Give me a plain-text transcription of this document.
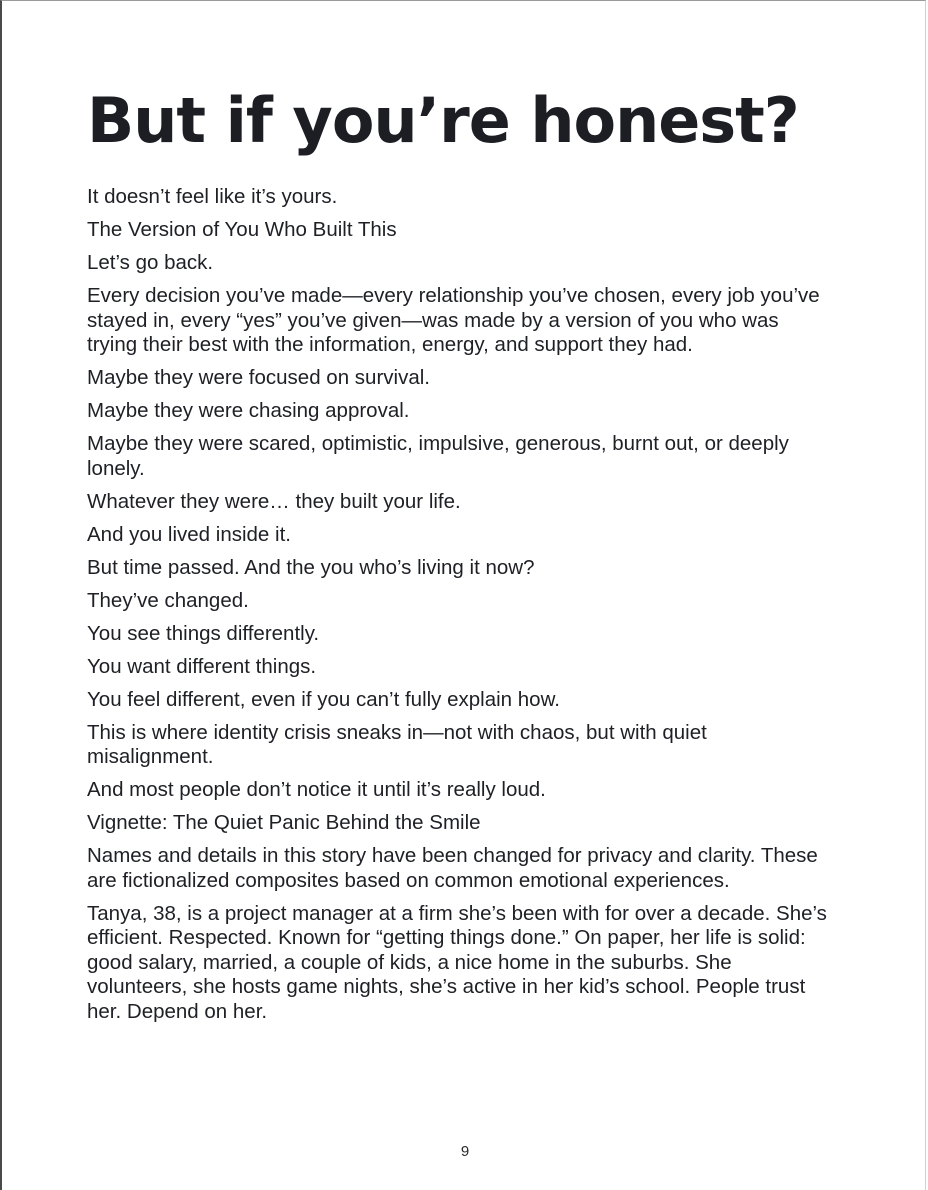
But if you’re honest?

It doesn’t feel like it’s yours.

The Version of You Who Built This

Let’s go back.

Every decision you’ve made—every relationship you’ve chosen, every job you’ve stayed in, every “yes” you’ve given—was made by a version of you who was trying their best with the information, energy, and support they had.

Maybe they were focused on survival.

Maybe they were chasing approval.

Maybe they were scared, optimistic, impulsive, generous, burnt out, or deeply lonely.

Whatever they were… they built your life.

And you lived inside it.

But time passed. And the you who’s living it now?

They’ve changed.

You see things differently.

You want different things.

You feel different, even if you can’t fully explain how.

This is where identity crisis sneaks in—not with chaos, but with quiet misalignment.

And most people don’t notice it until it’s really loud.

Vignette: The Quiet Panic Behind the Smile

Names and details in this story have been changed for privacy and clarity. These are fictionalized composites based on common emotional experiences.

Tanya, 38, is a project manager at a firm she’s been with for over a decade. She’s efficient. Respected. Known for “getting things done.” On paper, her life is solid: good salary, married, a couple of kids, a nice home in the suburbs. She volunteers, she hosts game nights, she’s active in her kid’s school. People trust her. Depend on her.

9
